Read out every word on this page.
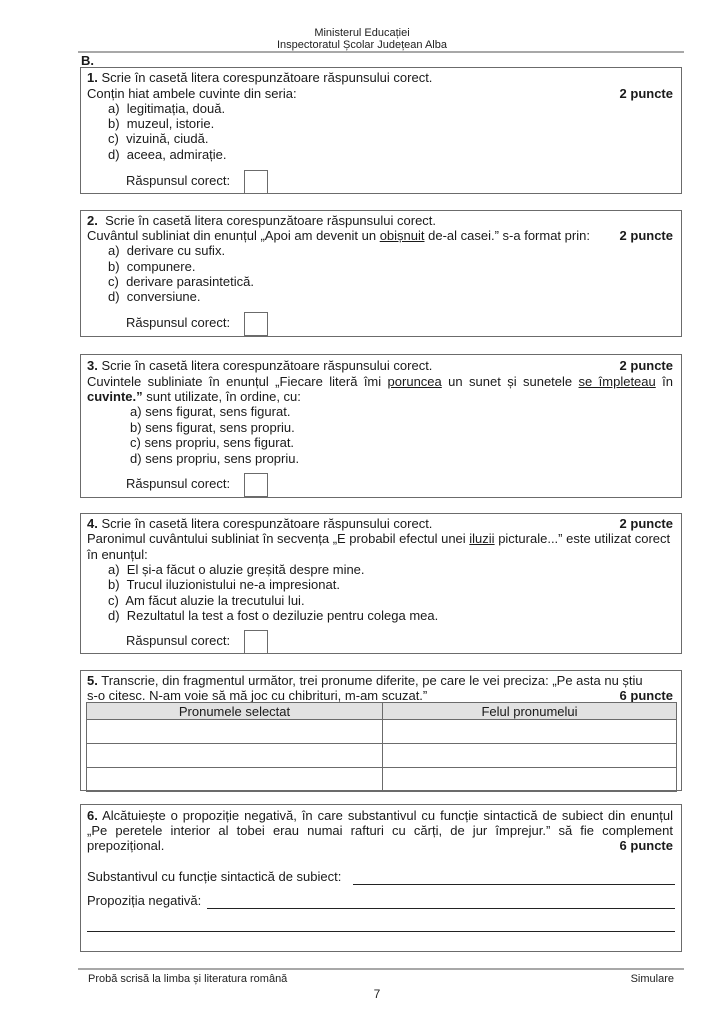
Ministerul Educației
Inspectoratul Școlar Județean Alba
B.
1. Scrie în casetă litera corespunzătoare răspunsului corect.
Conțin hiat ambele cuvinte din seria:	2 puncte
a) legitimația, două.
b) muzeul, istorie.
c) vizuină, ciudă.
d) aceea, admirație.
Răspunsul corect:
2. Scrie în casetă litera corespunzătoare răspunsului corect.
Cuvântul subliniat din enunțul „Apoi am devenit un obișnuit de-al casei.” s-a format prin: 2 puncte
a) derivare cu sufix.
b) compunere.
c) derivare parasintetică.
d) conversiune.
Răspunsul corect:
3. Scrie în casetă litera corespunzătoare răspunsului corect.	2 puncte
Cuvintele subliniate în enunțul „Fiecare literă îmi poruncea un sunet și sunetele se împleteau în
cuvinte.” sunt utilizate, în ordine, cu:
a) sens figurat, sens figurat.
b) sens figurat, sens propriu.
c) sens propriu, sens figurat.
d) sens propriu, sens propriu.
Răspunsul corect:
4. Scrie în casetă litera corespunzătoare răspunsului corect.	2 puncte
Paronimul cuvântului subliniat în secvența „E probabil efectul unei iluzii picturale...” este utilizat corect
în enunțul:
a) El și-a făcut o aluzie greșită despre mine.
b) Trucul iluzionistului ne-a impresionat.
c) Am făcut aluzie la trecutului lui.
d) Rezultatul la test a fost o deziluzie pentru colega mea.
Răspunsul corect:
5. Transcrie, din fragmentul următor, trei pronume diferite, pe care le vei preciza: „Pe asta nu știu
s-o citesc. N-am voie să mă joc cu chibrituri, m-am scuzat.”	6 puncte
Pronumele selectat	Felul pronumelui

6. Alcătuiește o propoziție negativă, în care substantivul cu funcție sintactică de subiect din enunțul
„Pe peretele interior al tobei erau numai rafturi cu cărți, de jur împrejur.” să fie complement
prepozițional.	6 puncte
Substantivul cu funcție sintactică de subiect:
Propoziția negativă:
Probă scrisă la limba și literatura română	Simulare
7
